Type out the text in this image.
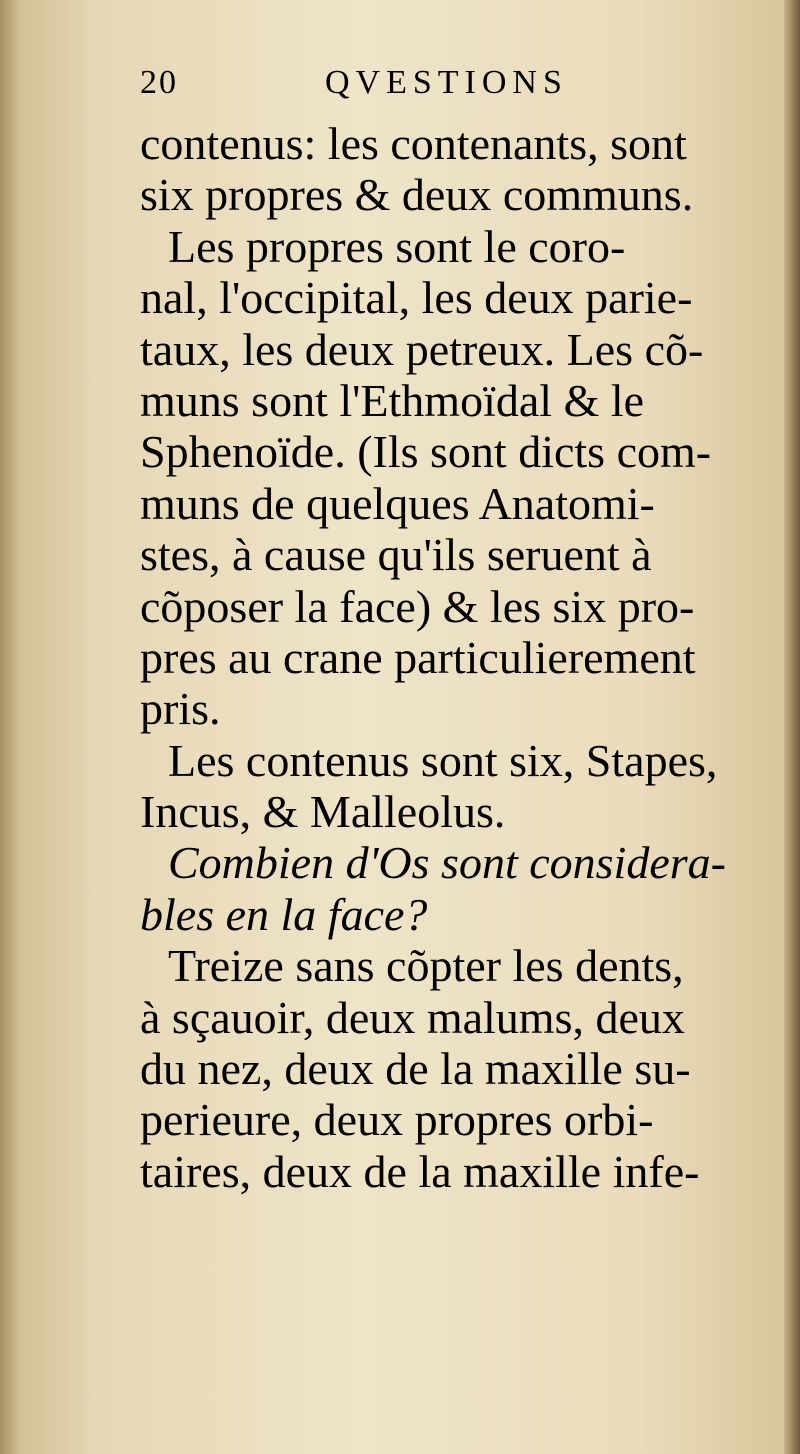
20	QVESTIONS
contenus: les contenants, sont
six propres & deux communs.
Les propres sont le coro-
nal, l'occipital, les deux parie-
taux, les deux petreux. Les cõ-
muns sont l'Ethmoïdal & le
Sphenoïde. (Ils sont dicts com-
muns de quelques Anatomi-
stes, à cause qu'ils seruent à
cõposer la face) & les six pro-
pres au crane particulierement
pris.
Les contenus sont six, Stapes,
Incus, & Malleolus.
Combien d'Os sont considera-
bles en la face?
Treize sans cõpter les dents,
à sçauoir, deux malums, deux
du nez, deux de la maxille su-
perieure, deux propres orbi-
taires, deux de la maxille infe-
